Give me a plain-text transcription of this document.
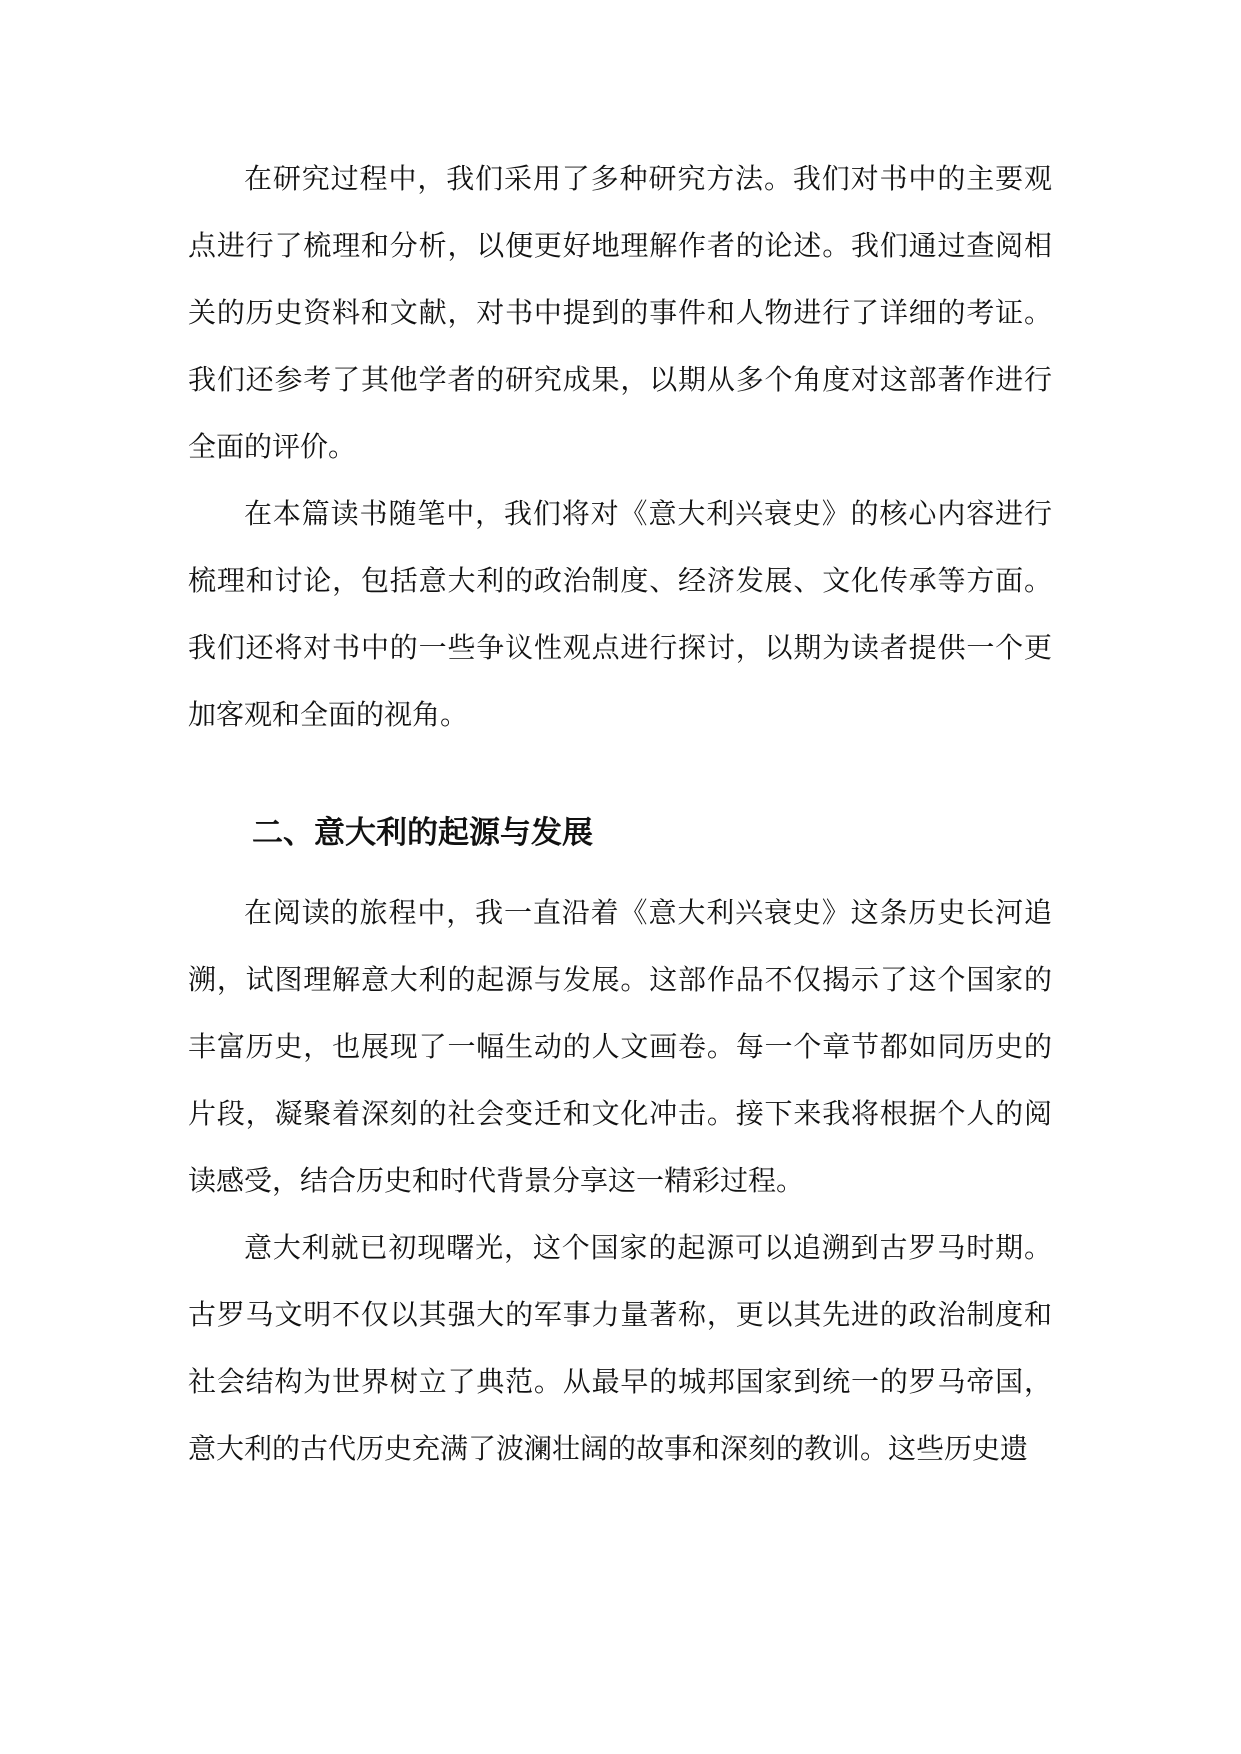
在研究过程中，我们采用了多种研究方法。我们对书中的主要观点进行了梳理和分析，以便更好地理解作者的论述。我们通过查阅相关的历史资料和文献，对书中提到的事件和人物进行了详细的考证。我们还参考了其他学者的研究成果，以期从多个角度对这部著作进行全面的评价。

在本篇读书随笔中，我们将对《意大利兴衰史》的核心内容进行梳理和讨论，包括意大利的政治制度、经济发展、文化传承等方面。我们还将对书中的一些争议性观点进行探讨，以期为读者提供一个更加客观和全面的视角。

二、意大利的起源与发展

在阅读的旅程中，我一直沿着《意大利兴衰史》这条历史长河追溯，试图理解意大利的起源与发展。这部作品不仅揭示了这个国家的丰富历史，也展现了一幅生动的人文画卷。每一个章节都如同历史的片段，凝聚着深刻的社会变迁和文化冲击。接下来我将根据个人的阅读感受，结合历史和时代背景分享这一精彩过程。

意大利就已初现曙光，这个国家的起源可以追溯到古罗马时期。古罗马文明不仅以其强大的军事力量著称，更以其先进的政治制度和社会结构为世界树立了典范。从最早的城邦国家到统一的罗马帝国，意大利的古代历史充满了波澜壮阔的故事和深刻的教训。这些历史遗
